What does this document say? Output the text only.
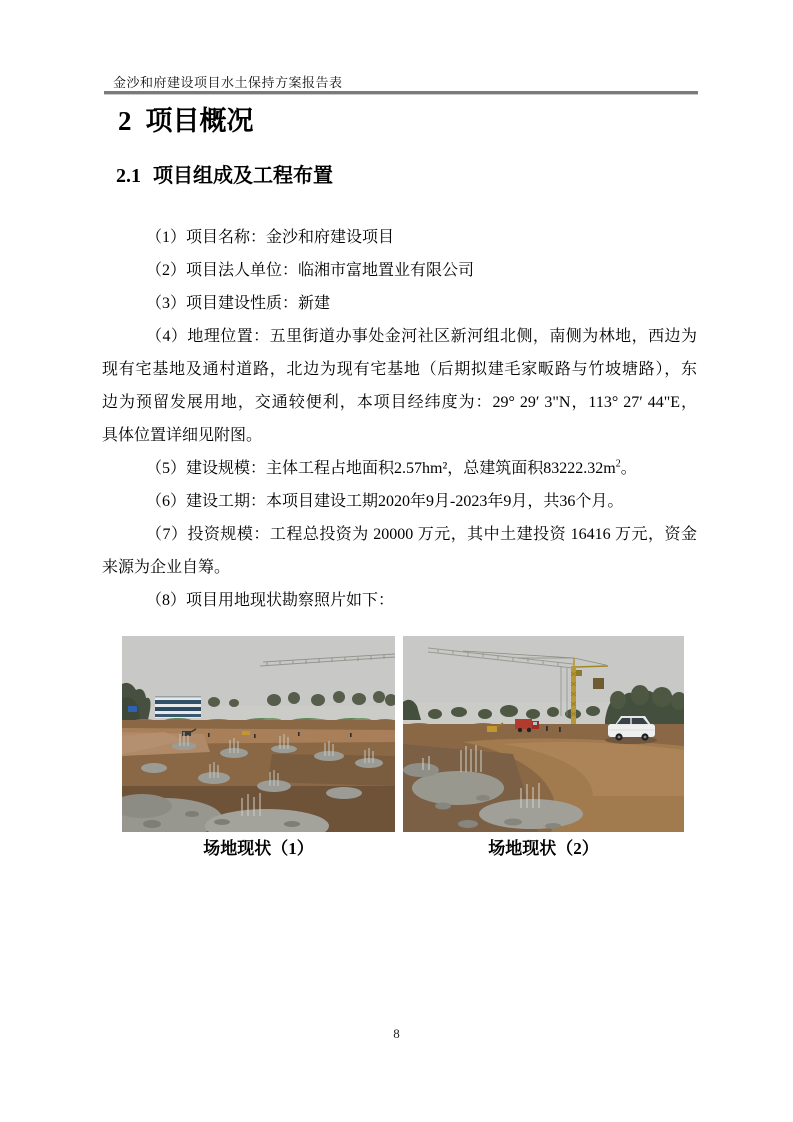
金沙和府建设项目水土保持方案报告表
2 项目概况
2.1 项目组成及工程布置
（1）项目名称：金沙和府建设项目
（2）项目法人单位：临湘市富地置业有限公司
（3）项目建设性质：新建
（4）地理位置：五里街道办事处金河社区新河组北侧，南侧为林地，西边为
现有宅基地及通村道路，北边为现有宅基地（后期拟建毛家畈路与竹坡塘路），东
边为预留发展用地，交通较便利，本项目经纬度为：29° 29′ 3"N，113° 27′ 44"E，
具体位置详细见附图。
（5）建设规模：主体工程占地面积2.57hm²，总建筑面积$83222.32m^2$。
（6）建设工期：本项目建设工期2020年9月-2023年9月，共36个月。
（7）投资规模：工程总投资为 20000 万元，其中土建投资 16416 万元，资金
来源为企业自筹。
（8）项目用地现状勘察照片如下：
场地现状（1）	场地现状（2）
8
